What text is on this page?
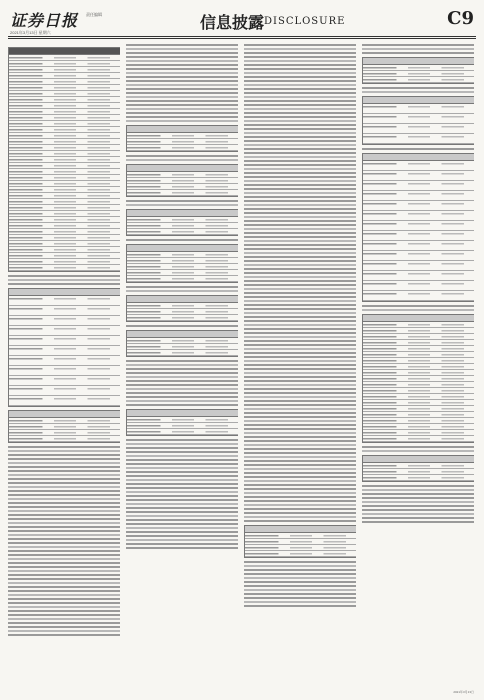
证券日报 责任编辑
2021年3月13日 星期六
信息披露 DISCLOSURE	C9
2021年3月13日
